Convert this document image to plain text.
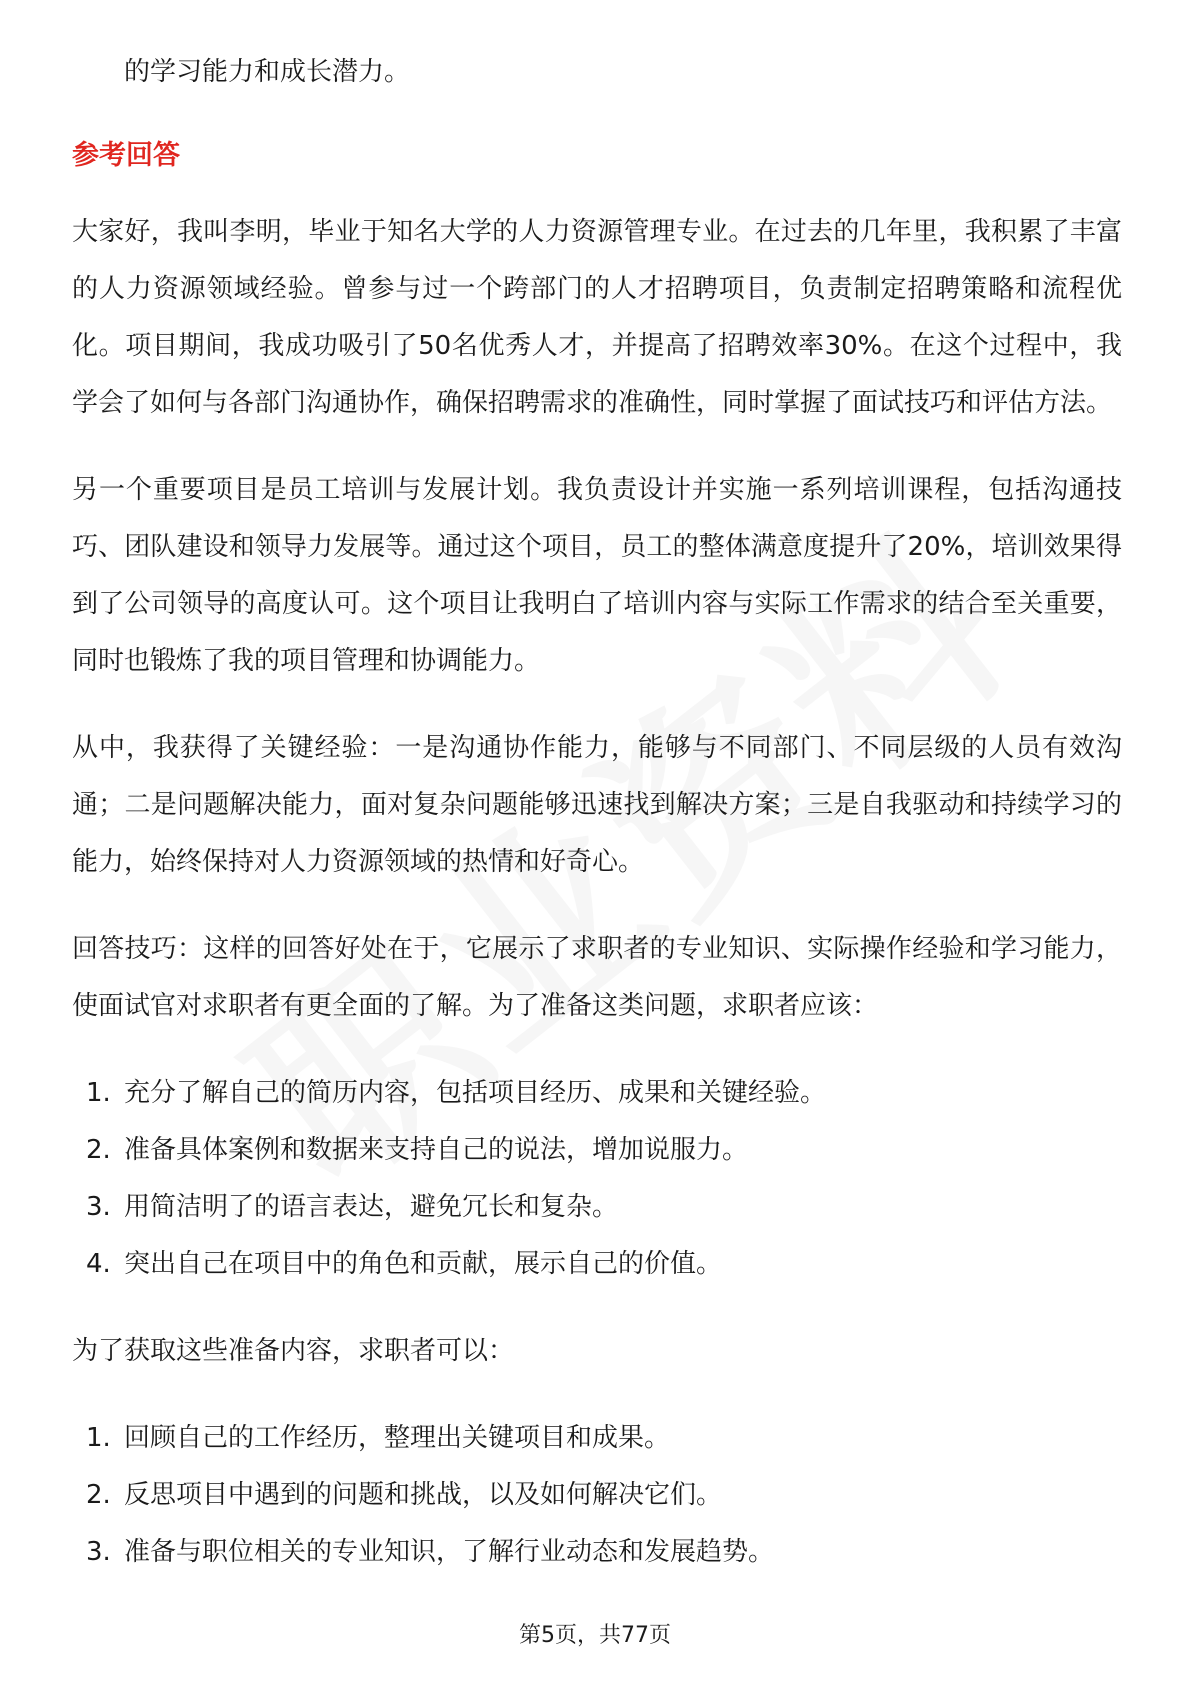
的学习能力和成长潜力。

参考回答

大家好，我叫李明，毕业于知名大学的人力资源管理专业。在过去的几年里，我积累了丰富的人力资源领域经验。曾参与过一个跨部门的人才招聘项目，负责制定招聘策略和流程优化。项目期间，我成功吸引了50名优秀人才，并提高了招聘效率30%。在这个过程中，我学会了如何与各部门沟通协作，确保招聘需求的准确性，同时掌握了面试技巧和评估方法。

另一个重要项目是员工培训与发展计划。我负责设计并实施一系列培训课程，包括沟通技巧、团队建设和领导力发展等。通过这个项目，员工的整体满意度提升了20%，培训效果得到了公司领导的高度认可。这个项目让我明白了培训内容与实际工作需求的结合至关重要，同时也锻炼了我的项目管理和协调能力。

从中，我获得了关键经验：一是沟通协作能力，能够与不同部门、不同层级的人员有效沟通；二是问题解决能力，面对复杂问题能够迅速找到解决方案；三是自我驱动和持续学习的能力，始终保持对人力资源领域的热情和好奇心。

回答技巧：这样的回答好处在于，它展示了求职者的专业知识、实际操作经验和学习能力，使面试官对求职者有更全面的了解。为了准备这类问题，求职者应该：

1. 充分了解自己的简历内容，包括项目经历、成果和关键经验。
2. 准备具体案例和数据来支持自己的说法，增加说服力。
3. 用简洁明了的语言表达，避免冗长和复杂。
4. 突出自己在项目中的角色和贡献，展示自己的价值。

为了获取这些准备内容，求职者可以：

1. 回顾自己的工作经历，整理出关键项目和成果。
2. 反思项目中遇到的问题和挑战，以及如何解决它们。
3. 准备与职位相关的专业知识，了解行业动态和发展趋势。
第5页，共77页
